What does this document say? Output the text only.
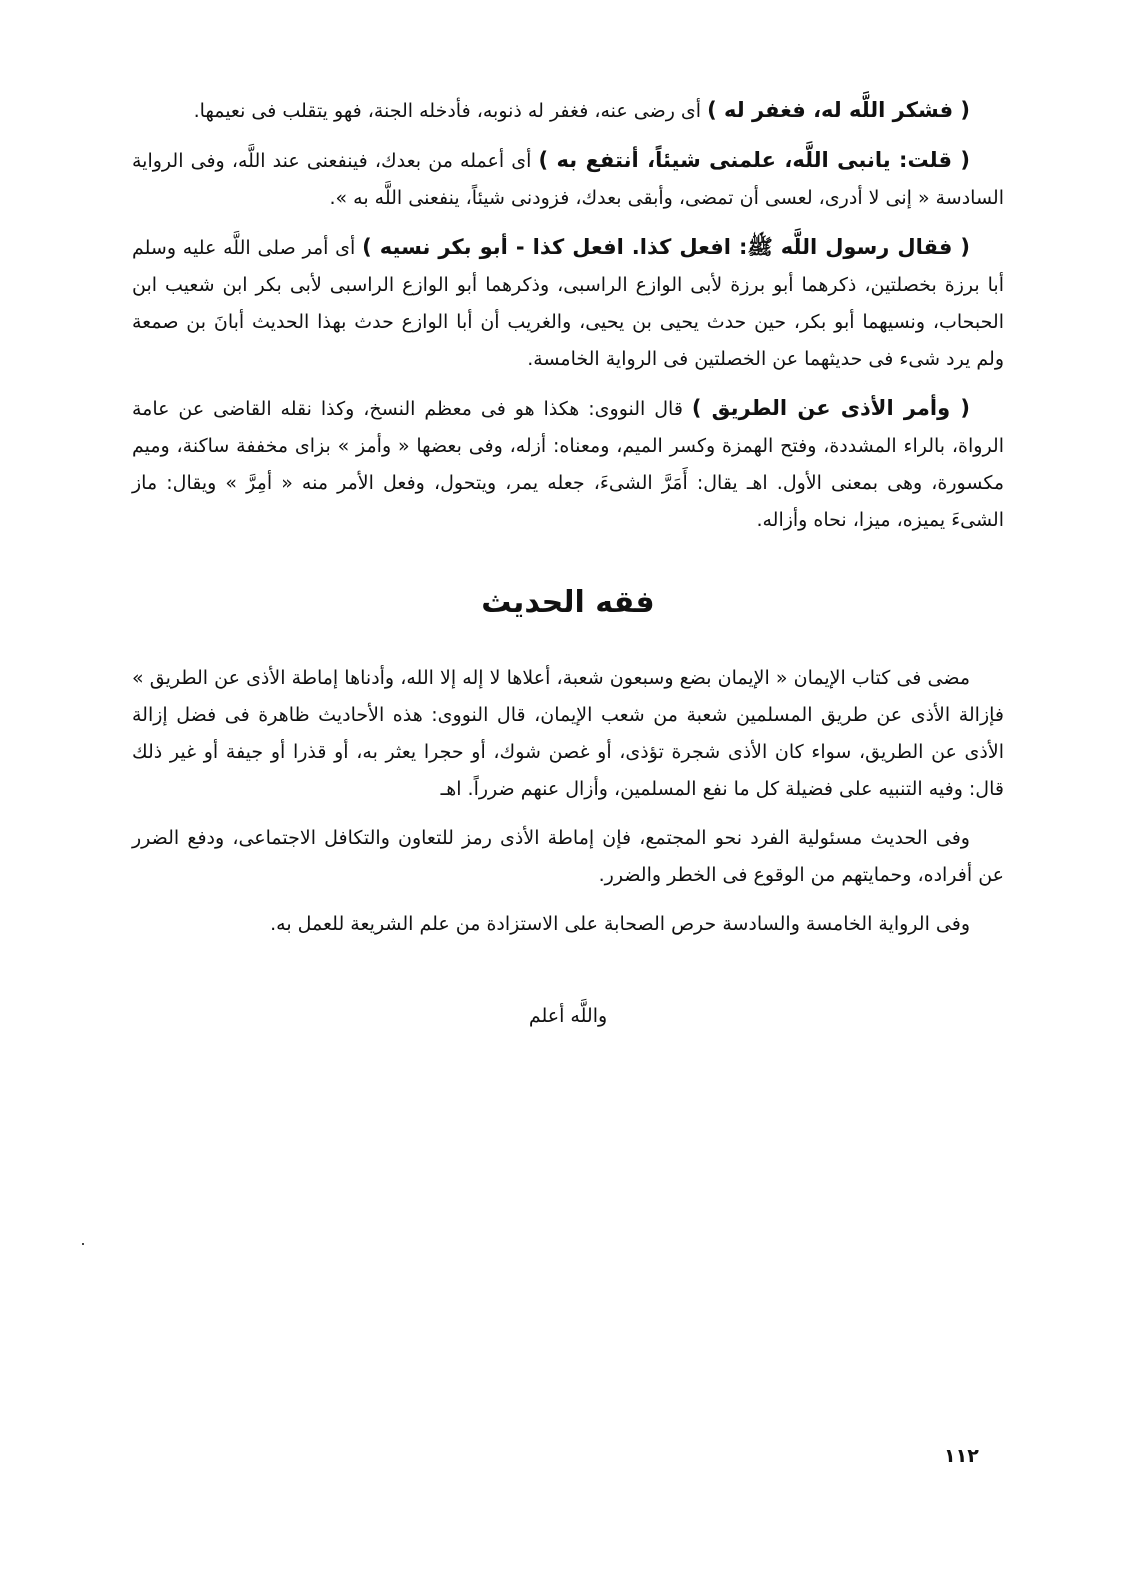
( فشكر اللَّه له، فغفر له ) أى رضى عنه، فغفر له ذنوبه، فأدخله الجنة، فهو يتقلب فى نعيمها.

( قلت: يانبى اللَّه، علمنى شيئاً، أنتفع به ) أى أعمله من بعدك، فينفعنى عند اللَّه، وفى الرواية السادسة « إنى لا أدرى، لعسى أن تمضى، وأبقى بعدك، فزودنى شيئاً، ينفعنى اللَّه به ».

( فقال رسول اللَّه ﷺ: افعل كذا. افعل كذا - أبو بكر نسيه ) أى أمر صلى اللَّه عليه وسلم أبا برزة بخصلتين، ذكرهما أبو برزة لأبى الوازع الراسبى، وذكرهما أبو الوازع الراسبى لأبى بكر ابن شعيب ابن الحبحاب، ونسيهما أبو بكر، حين حدث يحيى بن يحيى، والغريب أن أبا الوازع حدث بهذا الحديث أبانَ بن صمعة ولم يرد شىء فى حديثهما عن الخصلتين فى الرواية الخامسة.

( وأمر الأذى عن الطريق ) قال النووى: هكذا هو فى معظم النسخ، وكذا نقله القاضى عن عامة الرواة، بالراء المشددة، وفتح الهمزة وكسر الميم، ومعناه: أزله، وفى بعضها « وأمز » بزاى مخففة ساكنة، وميم مكسورة، وهى بمعنى الأول. اهـ يقال: أَمَرَّ الشىءَ، جعله يمر، ويتحول، وفعل الأمر منه « أمِرَّ » ويقال: ماز الشىءَ يميزه، ميزا، نحاه وأزاله.

فقه الحديث

مضى فى كتاب الإيمان « الإيمان بضع وسبعون شعبة، أعلاها لا إله إلا الله، وأدناها إماطة الأذى عن الطريق » فإزالة الأذى عن طريق المسلمين شعبة من شعب الإيمان، قال النووى: هذه الأحاديث ظاهرة فى فضل إزالة الأذى عن الطريق، سواء كان الأذى شجرة تؤذى، أو غصن شوك، أو حجرا يعثر به، أو قذرا أو جيفة أو غير ذلك قال: وفيه التنبيه على فضيلة كل ما نفع المسلمين، وأزال عنهم ضرراً. اهـ

وفى الحديث مسئولية الفرد نحو المجتمع، فإن إماطة الأذى رمز للتعاون والتكافل الاجتماعى، ودفع الضرر عن أفراده، وحمايتهم من الوقوع فى الخطر والضرر.

وفى الرواية الخامسة والسادسة حرص الصحابة على الاستزادة من علم الشريعة للعمل به.

واللَّه أعلم
١١٢
